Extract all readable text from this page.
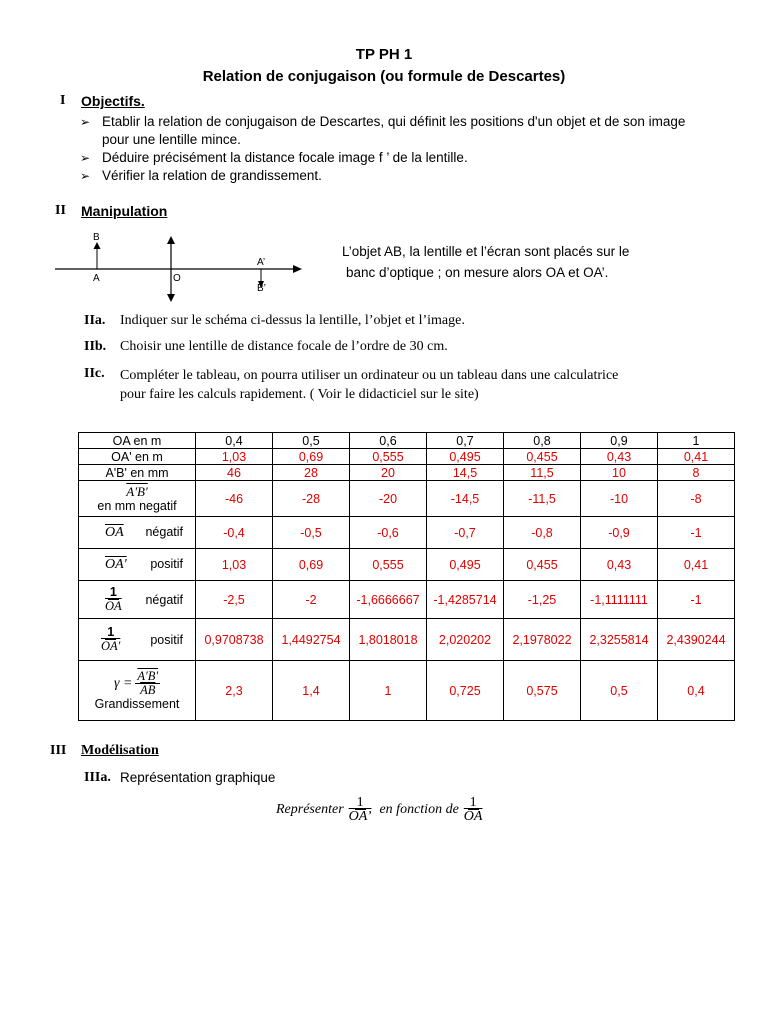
TP PH 1
Relation de conjugaison (ou formule de Descartes)
I Objectifs.
➢ Etablir la relation de conjugaison de Descartes, qui définit les positions d'un objet et de son image pour une lentille mince.
➢ Déduire précisément la distance focale image f ’ de la lentille.
➢ Vérifier la relation de grandissement.
II Manipulation
B
A	O
A’
B’
L’objet AB, la lentille et l’écran sont placés sur le
banc d’optique ; on mesure alors OA et OA’.
IIa. Indiquer sur le schéma ci-dessus la lentille, l’objet et l’image.
IIb. Choisir une lentille de distance focale de l’ordre de 30 cm.
IIc. Compléter le tableau, on pourra utiliser un ordinateur ou un tableau dans une calculatrice pour faire les calculs rapidement. ( Voir le didacticiel sur le site)
OA en m	0,4	0,5	0,6	0,7	0,8	0,9	1
OA' en m	1,03	0,69	0,555	0,495	0,455	0,43	0,41
A'B' en mm	46	28	20	14,5	11,5	10	8

A'B'
en mm negatif	-46	-28	-20	-14,5	-11,5	-10	-8

$\overline{OA}$ négatif	-0,4	-0,5	-0,6	-0,7	-0,8	-0,9	-1

OA' positif	1,03	0,69	0,555	0,495	0,455	0,43	0,41

$\frac{1}{OA}$ négatif	-2,5	-2	-1,6666667	-1,4285714	-1,25	-1,1111111	-1

$\frac{1}{OA'}$ positif	0,9708738	1,4492754	1,8018018	2,020202	2,1978022	2,3255814	2,4390244

$\gamma = \frac{A'B'}{AB}$
Grandissement	2,3	1,4	1	0,725	0,575	0,5	0,4
III Modélisation
IIIa. Représentation graphique
Représenter $\frac{1}{OA’}$ en fonction de $\frac{1}{OA}$
